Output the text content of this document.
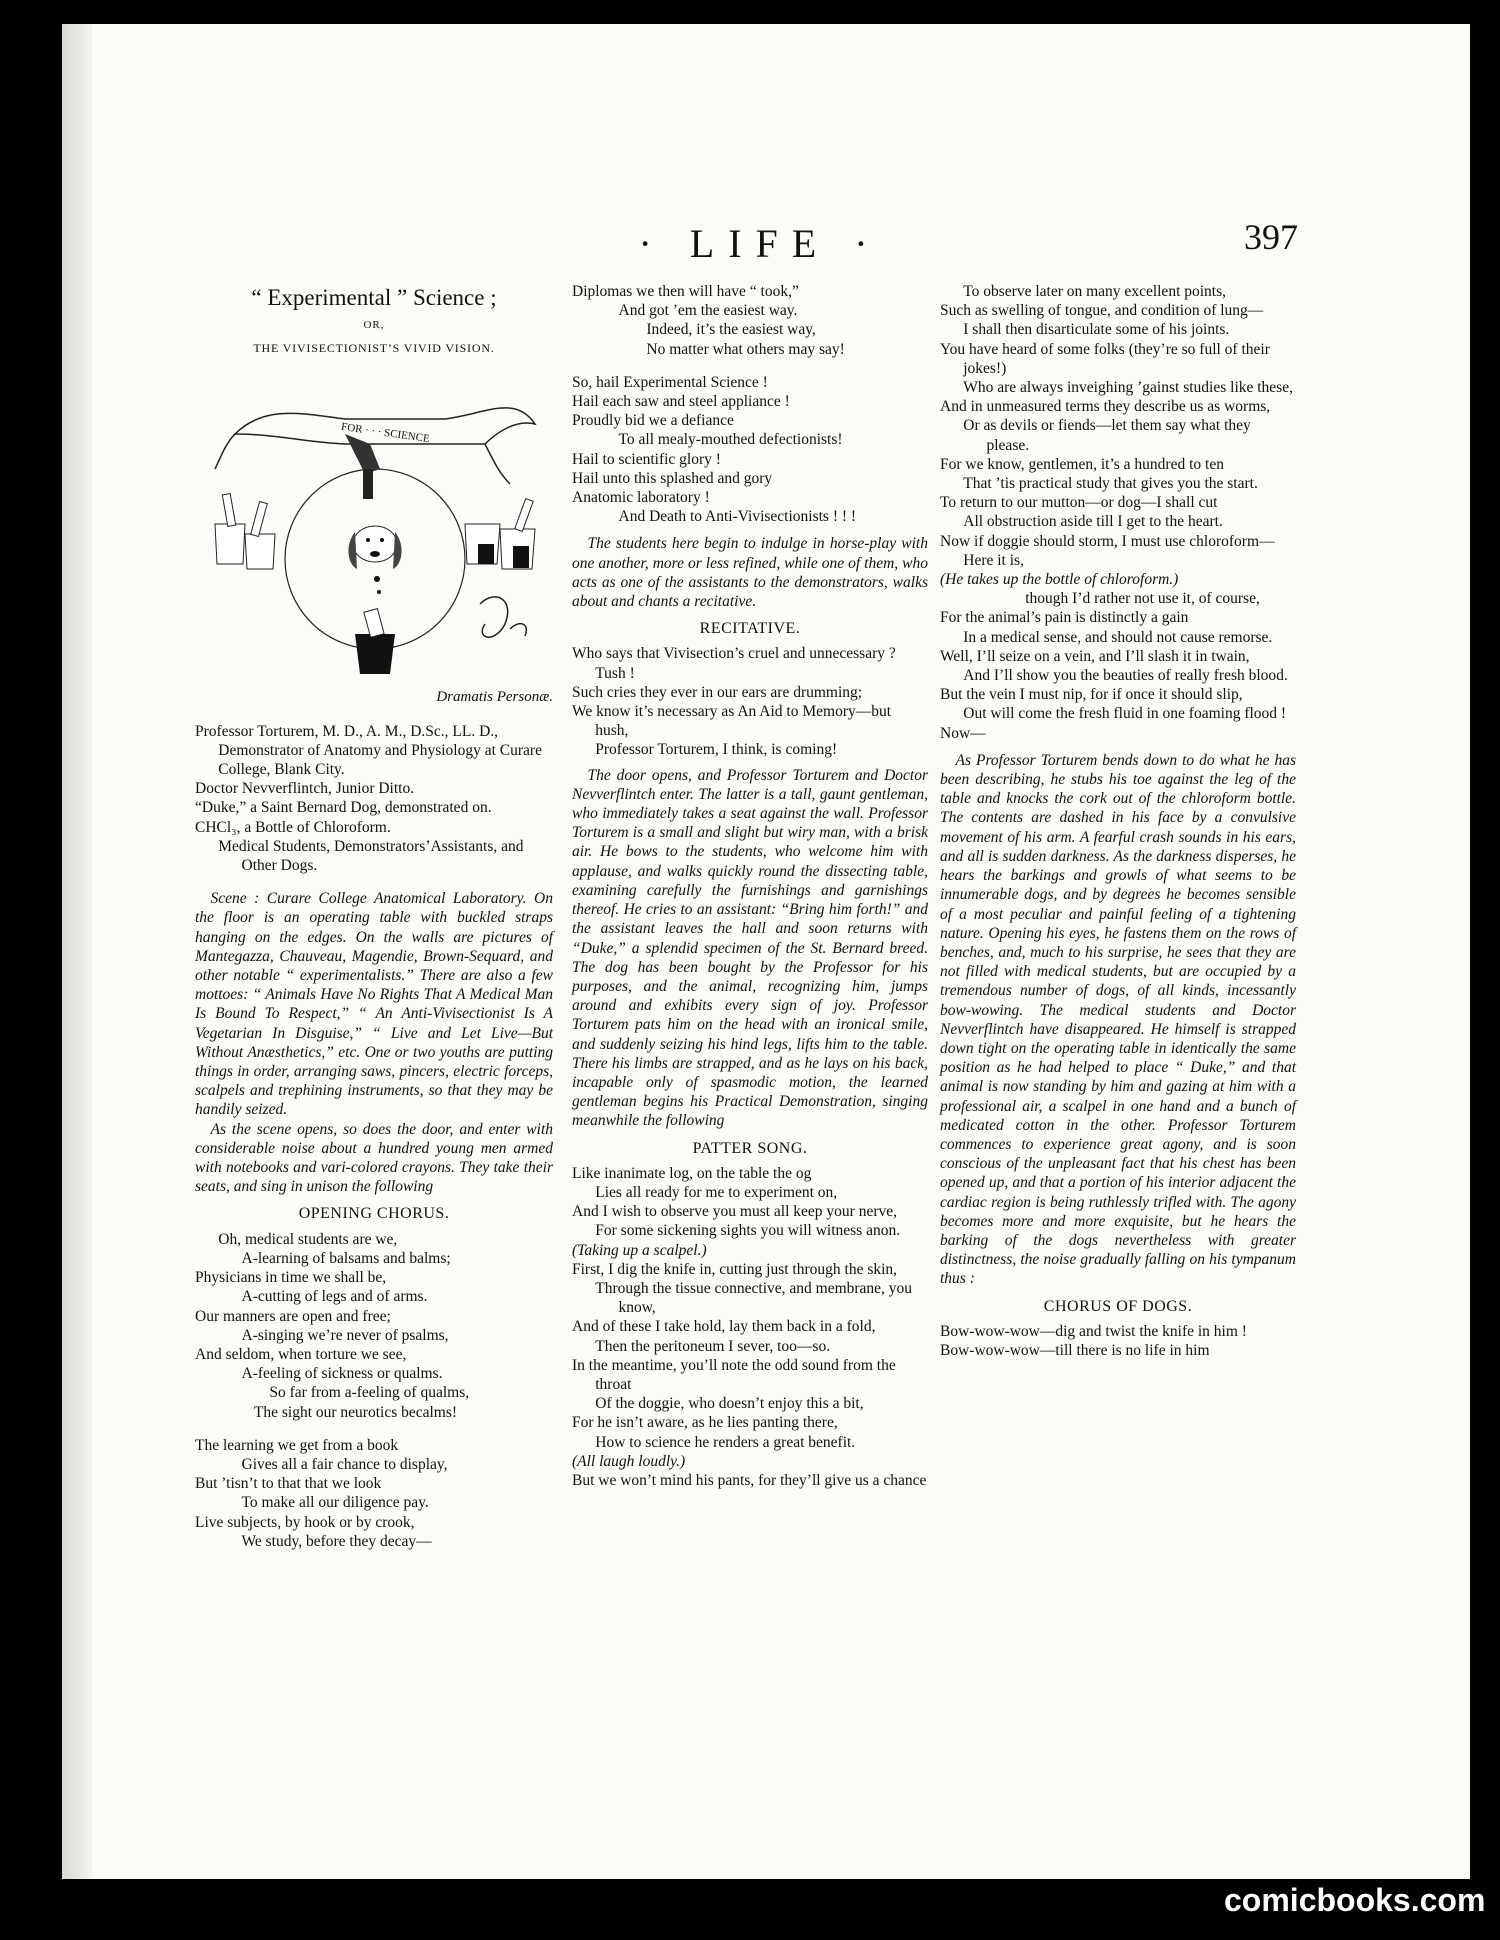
· LIFE ·	397

“ Experimental ” Science ;

OR,

THE VIVISECTIONIST’S VIVID VISION.

FOR · · · SCIENCE

Dramatis Personæ.

Professor Torturem, M. D., A. M., D.Sc., LL. D., Demonstrator of Anatomy and Physiology at Curare College, Blank City.

Doctor Nevverflintch, Junior Ditto.

“Duke,” a Saint Bernard Dog, demonstrated on.

CHCl₃, a Bottle of Chloroform.

Medical Students, Demonstrators’Assistants, and Other Dogs.

Scene : Curare College Anatomical Laboratory. On the floor is an operating table with buckled straps hanging on the edges. On the walls are pictures of Mantegazza, Chauveau, Magendie, Brown-Sequard, and other notable “ experimentalists.” There are also a few mottoes: “ Animals Have No Rights That A Medical Man Is Bound To Respect,” “ An Anti-Vivisectionist Is A Vegetarian In Disguise,” “ Live and Let Live—But Without Anæsthetics,” etc. One or two youths are putting things in order, arranging saws, pincers, electric forceps, scalpels and trephining instruments, so that they may be handily seized.

As the scene opens, so does the door, and enter with considerable noise about a hundred young men armed with notebooks and vari-colored crayons. They take their seats, and sing in unison the following

OPENING CHORUS.

Oh, medical students are we,

A-learning of balsams and balms;

Physicians in time we shall be,

A-cutting of legs and of arms.

Our manners are open and free;

A-singing we’re never of psalms,

And seldom, when torture we see,

A-feeling of sickness or qualms.

So far from a-feeling of qualms,

The sight our neurotics becalms!

The learning we get from a book

Gives all a fair chance to display,

But ’tisn’t to that that we look

To make all our diligence pay.

Live subjects, by hook or by crook,

We study, before they decay—

Diplomas we then will have “ took,”

And got ’em the easiest way.

Indeed, it’s the easiest way,

No matter what others may say!

So, hail Experimental Science !

Hail each saw and steel appliance !

Proudly bid we a defiance

To all mealy-mouthed defectionists!

Hail to scientific glory !

Hail unto this splashed and gory

Anatomic laboratory !

And Death to Anti-Vivisectionists ! ! !

The students here begin to indulge in horse-play with one another, more or less refined, while one of them, who acts as one of the assistants to the demonstrators, walks about and chants a recitative.

RECITATIVE.

Who says that Vivisection’s cruel and unnecessary ? Tush !

Such cries they ever in our ears are drumming;

We know it’s necessary as An Aid to Memory—but hush,

Professor Torturem, I think, is coming!

The door opens, and Professor Torturem and Doctor Nevverflintch enter. The latter is a tall, gaunt gentleman, who immediately takes a seat against the wall. Professor Torturem is a small and slight but wiry man, with a brisk air. He bows to the students, who welcome him with applause, and walks quickly round the dissecting table, examining carefully the furnishings and garnishings thereof. He cries to an assistant: “Bring him forth!” and the assistant leaves the hall and soon returns with “Duke,” a splendid specimen of the St. Bernard breed. The dog has been bought by the Professor for his purposes, and the animal, recognizing him, jumps around and exhibits every sign of joy. Professor Torturem pats him on the head with an ironical smile, and suddenly seizing his hind legs, lifts him to the table. There his limbs are strapped, and as he lays on his back, incapable only of spasmodic motion, the learned gentleman begins his Practical Demonstration, singing meanwhile the following

PATTER SONG.

Like inanimate log, on the table the og

Lies all ready for me to experiment on,

And I wish to observe you must all keep your nerve,

For some sickening sights you will witness anon.

(Taking up a scalpel.)

First, I dig the knife in, cutting just through the skin,

Through the tissue connective, and membrane, you know,

And of these I take hold, lay them back in a fold,

Then the peritoneum I sever, too—so.

In the meantime, you’ll note the odd sound from the throat

Of the doggie, who doesn’t enjoy this a bit,

For he isn’t aware, as he lies panting there,

How to science he renders a great benefit.

(All laugh loudly.)

But we won’t mind his pants, for they’ll give us a chance

To observe later on many excellent points,

Such as swelling of tongue, and condition of lung—

I shall then disarticulate some of his joints.

You have heard of some folks (they’re so full of their jokes!)

Who are always inveighing ’gainst studies like these,

And in unmeasured terms they describe us as worms,

Or as devils or fiends—let them say what they please.

For we know, gentlemen, it’s a hundred to ten

That ’tis practical study that gives you the start.

To return to our mutton—or dog—I shall cut

All obstruction aside till I get to the heart.

Now if doggie should storm, I must use chloroform—

Here it is,

(He takes up the bottle of chloroform.)

though I’d rather not use it, of course,

For the animal’s pain is distinctly a gain

In a medical sense, and should not cause remorse.

Well, I’ll seize on a vein, and I’ll slash it in twain,

And I’ll show you the beauties of really fresh blood.

But the vein I must nip, for if once it should slip,

Out will come the fresh fluid in one foaming flood !

Now—

As Professor Torturem bends down to do what he has been describing, he stubs his toe against the leg of the table and knocks the cork out of the chloroform bottle. The contents are dashed in his face by a convulsive movement of his arm. A fearful crash sounds in his ears, and all is sudden darkness. As the darkness disperses, he hears the barkings and growls of what seems to be innumerable dogs, and by degrees he becomes sensible of a most peculiar and painful feeling of a tightening nature. Opening his eyes, he fastens them on the rows of benches, and, much to his surprise, he sees that they are not filled with medical students, but are occupied by a tremendous number of dogs, of all kinds, incessantly bow-wowing. The medical students and Doctor Nevverflintch have disappeared. He himself is strapped down tight on the operating table in identically the same position as he had helped to place “ Duke,” and that animal is now standing by him and gazing at him with a professional air, a scalpel in one hand and a bunch of medicated cotton in the other. Professor Torturem commences to experience great agony, and is soon conscious of the unpleasant fact that his chest has been opened up, and that a portion of his interior adjacent the cardiac region is being ruthlessly trifled with. The agony becomes more and more exquisite, but he hears the barking of the dogs nevertheless with greater distinctness, the noise gradually falling on his tympanum thus :

CHORUS OF DOGS.

Bow-wow-wow—dig and twist the knife in him !

Bow-wow-wow—till there is no life in him

comicbooks.com
